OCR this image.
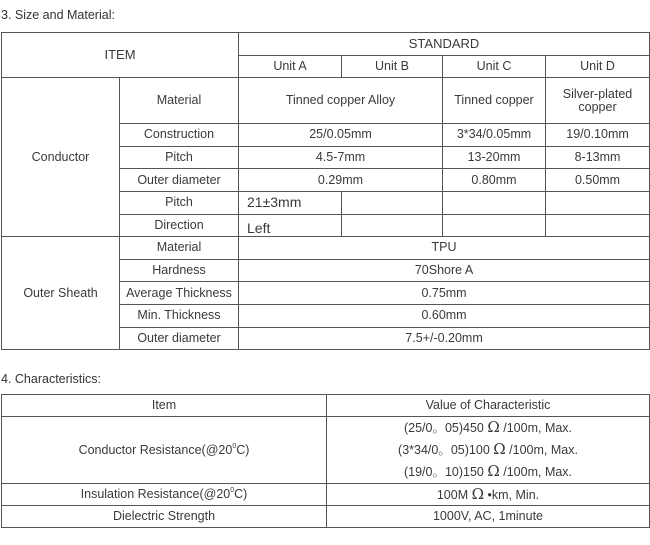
3. Size and Material:
ITEM		STANDARD			
		Unit A	Unit B	Unit C	Unit D
Conductor	Material	Tinned copper Alloy		Tinned copper	Silver-plated copper
	Construction	25/0.05mm		3*34/0.05mm	19/0.10mm
	Pitch	4.5-7mm		13-20mm	8-13mm
	Outer diameter	0.29mm		0.80mm	0.50mm
	Pitch	21±3mm			
	Direction	Left			
Outer Sheath	Material	TPU			
	Hardness	70Shore A			
	Average Thickness	0.75mm			
	Min. Thickness	0.60mm			
	Outer diameter	7.5+/-0.20mm			
4. Characteristics:
Item	Value of Characteristic
Conductor $Resistance(@20^0C)$	(25/0。05)450 Ω /100m, Max.
(3*34/0。05)100 Ω /100m, Max.
(19/0。10)150 Ω /100m, Max.

Insulation $Resistance(@20^0C)$	100M Ω •km, Min.
Dielectric Strength	1000V, AC, 1minute
